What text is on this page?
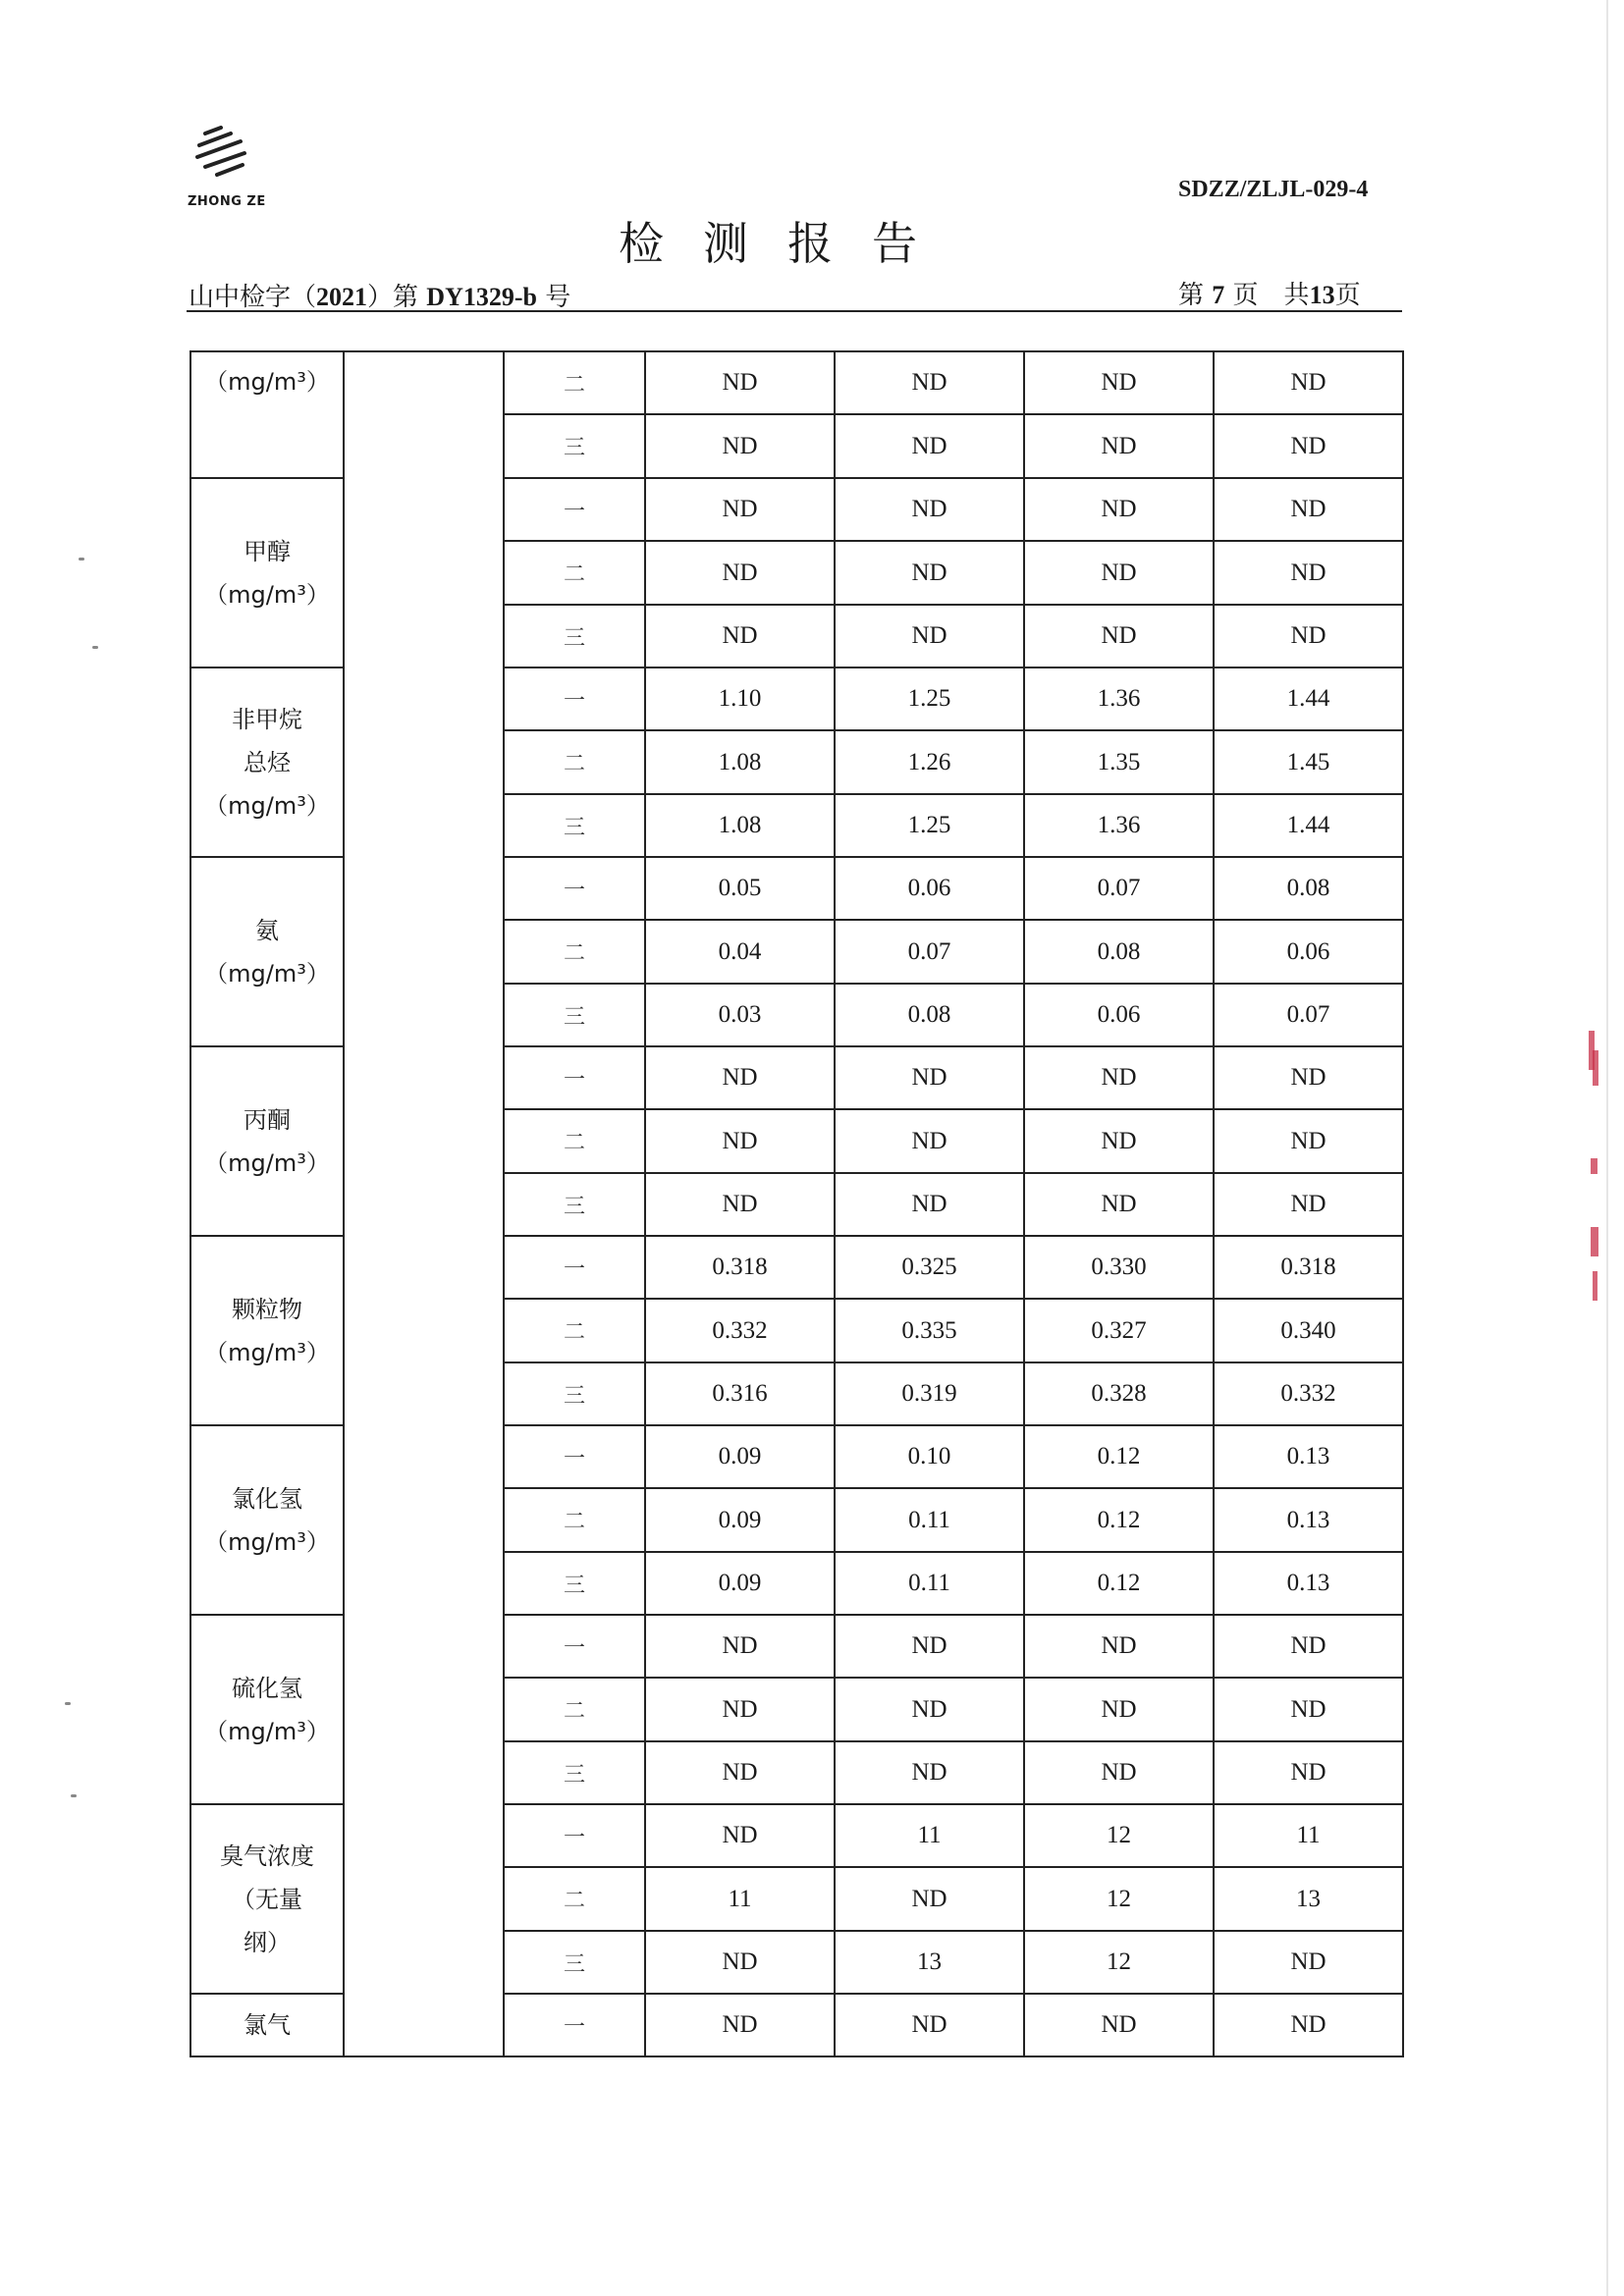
ZHONG ZE	SDZZ/ZLJL-029-4
检测报告
山中检字（2021）第 DY1329-b 号	第 7 页　共13页
（mg/m³）		二	ND	ND	ND	ND
		三	ND	ND	ND	ND
甲醇
（mg/m³）		一	ND	ND	ND	ND
		二	ND	ND	ND	ND
		三	ND	ND	ND	ND
非甲烷
总烃
（mg/m³）		一	1.10	1.25	1.36	1.44
		二	1.08	1.26	1.35	1.45
		三	1.08	1.25	1.36	1.44
氨
（mg/m³）		一	0.05	0.06	0.07	0.08
		二	0.04	0.07	0.08	0.06
		三	0.03	0.08	0.06	0.07
丙酮
（mg/m³）		一	ND	ND	ND	ND
		二	ND	ND	ND	ND
		三	ND	ND	ND	ND
颗粒物
（mg/m³）		一	0.318	0.325	0.330	0.318
		二	0.332	0.335	0.327	0.340
		三	0.316	0.319	0.328	0.332
氯化氢
（mg/m³）		一	0.09	0.10	0.12	0.13
		二	0.09	0.11	0.12	0.13
		三	0.09	0.11	0.12	0.13
硫化氢
（mg/m³）		一	ND	ND	ND	ND
		二	ND	ND	ND	ND
		三	ND	ND	ND	ND
臭气浓度
（无量
纲）		一	ND	11	12	11
		二	11	ND	12	13
		三	ND	13	12	ND
氯气		一	ND	ND	ND	ND
